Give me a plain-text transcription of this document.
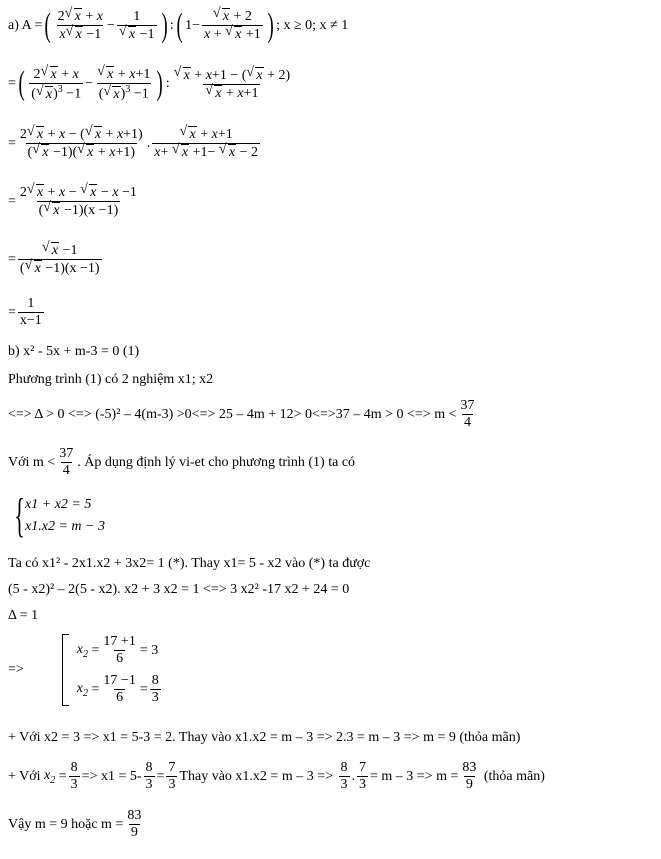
a) A = ( $\frac{2 √ x + x}{x √ x -1} - 1$
√ x −1 ) : ( 1− √ $\frac{x + 2}{x + √ x +1}$ ) ; x ≥ 0; x ≠ 1
= ( $\frac{2 √ x + x}{( √ x)^3 -1}$ − √ $\frac{x + x+1}{( √ x)^3 -1}$ ) : √ x + x+1 − ( √ x + 2)
√ x + x+1
= $\frac{2 √ x + x - ( √ x + x+1)}{( √ x -1)( √ x + x+1)}$ . √ $\frac{x + x+1}{x+ √ x +1- √ x - 2}$
= $\frac{2 √ x + x - √ x - x -1}{( √ x -1)(x -1)}$
= √ $\frac{x -1}{( √ x -1)(x -1)}$
= $\frac{1}{x-1}$
b) x² - 5x + m-3 = 0 (1)
Phương trình (1) có 2 nghiệm x1; x2
<=> Δ > 0 <=> (-5)² – 4(m-3) >0<=> 25 – 4m + 12> 0<=>37 – 4m > 0 <=> $m < \frac{37}{4}$
Với $m < \frac{37}{4}$ . Áp dụng định lý vi-et cho phương trình (1) ta có
{ x1 + x2 = 5
x1.x2 = m − 3
Ta có x1² - 2x1.x2 + 3x2= 1 (*). Thay x1= 5 - x2 vào (*) ta được
(5 - x2)² – 2(5 - x2). x2 + 3 x2 = 1 <=> 3 x2² -17 x2 + 24 = 0
Δ = 1
=>
$x_2 = \frac{17 +1}{6} = 3$
$x_2 = \frac{17 -1}{6} = \frac{8}{3}$
+ Với x2 = 3 => x1 = 5-3 = 2. Thay vào x1.x2 = m – 3 => 2.3 = m – 3 => m = 9 (thỏa mãn)
+ Với
$x_2 = \frac{8}{3} => x1 = 5- \frac{8}{3} = \frac{7}{3}$ Thay vào x1.x2 = m – 3 =>
$\frac{8}{3}$ . $\frac{7}{3} = m - 3 => m = \frac{83}{9}$
(thỏa mãn)
Vậy m = 9 hoặc $m = \frac{83}{9}$
